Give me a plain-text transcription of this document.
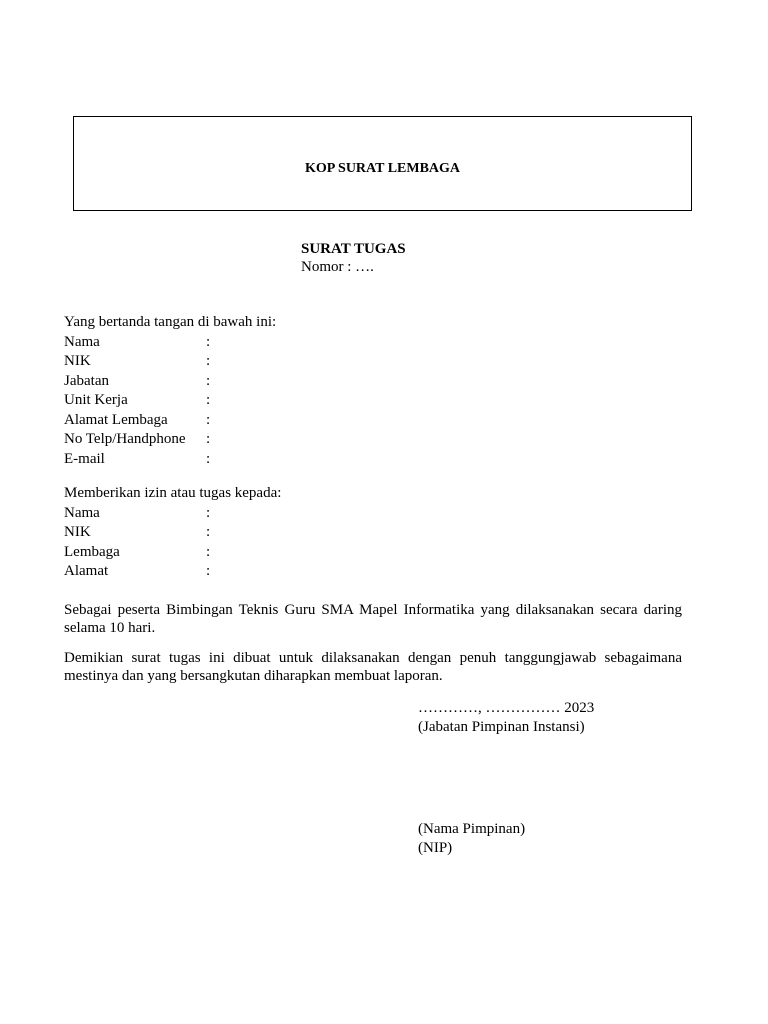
KOP SURAT LEMBAGA
SURAT TUGAS
Nomor : ….
Yang bertanda tangan di bawah ini:
Nama	:
NIK	:
Jabatan	:
Unit Kerja	:
Alamat Lembaga	:
No Telp/Handphone	:
E-mail	:
Memberikan izin atau tugas kepada:
Nama	:
NIK	:
Lembaga	:
Alamat	:
Sebagai peserta Bimbingan Teknis Guru SMA Mapel Informatika yang dilaksanakan secara daring selama 10 hari.
Demikian surat tugas ini dibuat untuk dilaksanakan dengan penuh tanggungjawab sebagaimana mestinya dan yang bersangkutan diharapkan membuat laporan.
…………, …………… 2023
(Jabatan Pimpinan Instansi)
(Nama Pimpinan)
(NIP)
